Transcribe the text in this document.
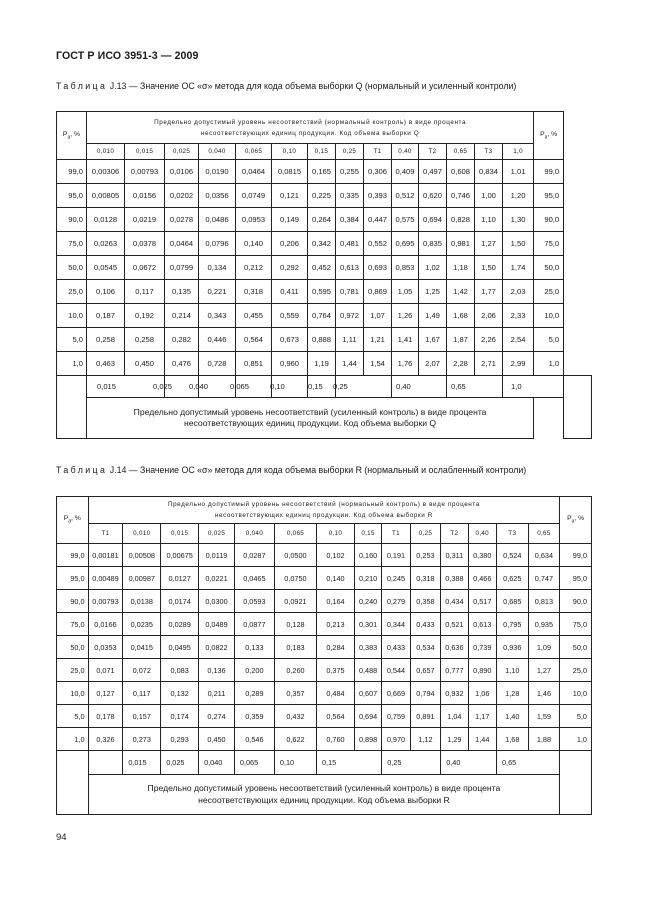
ГОСТ Р ИСО 3951-3 — 2009
Таблица J.13 — Значение ОС «σ» метода для кода объема выборки Q (нормальный и усиленный контроли)
$P_a$, %	Предельно допустимый уровень несоответствий (нормальный контроль) в виде процента
несоответствующих единиц продукции. Код объема выборки Q	$P_a$, %
0,010	0,015	0,025	0,040	0,065	0,10	0,15	0,25	T1	0,40	T2	0,65	T3	1,0
99,0	0,00306	0,00793	0,0106	0,0190	0,0464	0,0815	0,165	0,255	0,306	0,409	0,497	0,608	0,834	1,01	99,0
95,0	0,00805	0,0156	0,0202	0,0356	0,0749	0,121	0,225	0,335	0,393	0,512	0,620	0,746	1,00	1,20	95,0
90,0	0,0128	0,0219	0,0278	0,0486	0,0953	0,149	0,264	0,384	0,447	0,575	0,694	0,828	1,10	1,30	90,0
75,0	0,0263	0,0378	0,0464	0,0796	0,140	0,206	0,342	0,481	0,552	0,695	0,835	0,981	1,27	1,50	75,0
50,0	0,0545	0,0672	0,0799	0,134	0,212	0,292	0,452	0,613	0,693	0,853	1,02	1,18	1,50	1,74	50,0
25,0	0,106	0,117	0,135	0,221	0,318	0,411	0,595	0,781	0,869	1,05	1,25	1,42	1,77	2,03	25,0
10,0	0,187	0,192	0,214	0,343	0,455	0,559	0,764	0,972	1,07	1,26	1,49	1,68	2,06	2,33	10,0
5,0	0,258	0,258	0,282	0,446	0,564	0,673	0,888	1,11	1,21	1,41	1,67	1,87	2,26	2,54	5,0
1,0	0,463	0,450	0,476	0,728	0,851	0,960	1,19	1,44	1,54	1,76	2,07	2,28	2,71	2,99	1,0
	0,015	0,025	0,040	0,065	0,10	0,15	0,25	0,40	0,65	1,0	
Предельно допустимый уровень несоответствий (усиленный контроль) в виде процента
несоответствующих единиц продукции. Код объема выборки Q
Таблица J.14 — Значение ОС «σ» метода для кода объема выборки R (нормальный и ослабленный контроли)
$P_a$, %	Предельно допустимый уровень несоответствий (нормальный контроль) в виде процента
несоответствующих единиц продукции. Код объема выборки R														$P_a$, %
	T1	0,010	0,015	0,025	0,040	0,065	0,10	0,15	T1	0,25	T2	0,40	T3	0,65	
99,0	0,00181	0,00508	0,00675	0,0119	0,0287	0,0500	0,102	0,160	0,191	0,253	0,311	0,380	0,524	0,634	99,0
95,0	0,00489	0,00987	0,0127	0,0221	0,0465	0,0750	0,140	0,210	0,245	0,318	0,388	0,466	0,625	0,747	95,0
90,0	0,00793	0,0138	0,0174	0,0300	0,0593	0,0921	0,164	0,240	0,279	0,358	0,434	0,517	0,685	0,813	90,0
75,0	0,0166	0,0235	0,0289	0,0489	0,0877	0,128	0,213	0,301	0,344	0,433	0,521	0,613	0,795	0,935	75,0
50,0	0,0353	0,0415	0,0495	0,0822	0,133	0,183	0,284	0,383	0,433	0,534	0,636	0,739	0,936	1,09	50,0
25,0	0,071	0,072	0,083	0,136	0,200	0,260	0,375	0,488	0,544	0,657	0,777	0,890	1,10	1,27	25,0
10,0	0,127	0,117	0,132	0,211	0,289	0,357	0,484	0,607	0,669	0,794	0,932	1,06	1,28	1,46	10,0
5,0	0,178	0,157	0,174	0,274	0,359	0,432	0,564	0,694	0,759	0,891	1,04	1,17	1,40	1,59	5,0
1,0	0,326	0,273	0,293	0,450	0,546	0,622	0,760	0,898	0,970	1,12	1,29	1,44	1,68	1,88	1,0
		0,015	0,025	0,040	0,065	0,10	0,15		0,25		0,40		0,65		
	Предельно допустимый уровень несоответствий (усиленный контроль) в виде процента
несоответствующих единиц продукции. Код объема выборки R														
94
